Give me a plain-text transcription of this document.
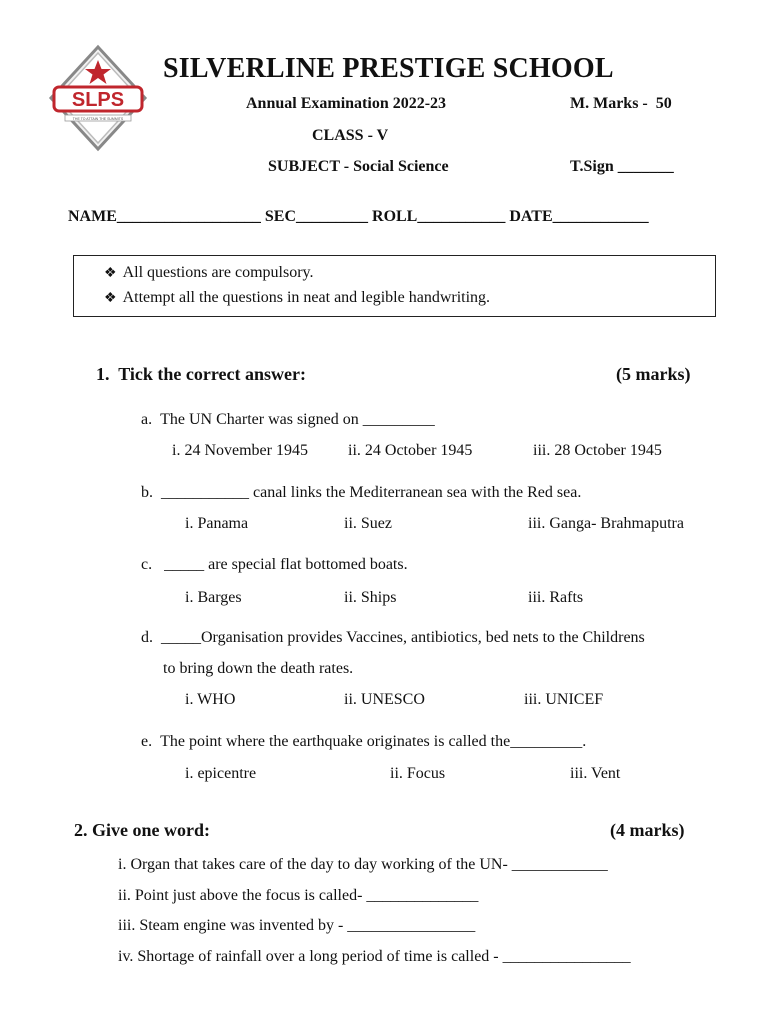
SLPS
THE TO ATTAIN THE SUMMITS
SILVERLINE PRESTIGE SCHOOL
Annual Examination 2022-23	M. Marks - 50
CLASS - V
SUBJECT - Social Science	T.Sign _______
NAME__________________ SEC_________ ROLL___________ DATE____________
❖ All questions are compulsory.
❖ Attempt all the questions in neat and legible handwriting.
1. Tick the correct answer:	(5 marks)
a. The UN Charter was signed on _________
i. 24 November 1945	ii. 24 October 1945	iii. 28 October 1945
b. ___________ canal links the Mediterranean sea with the Red sea.
i. Panama	ii. Suez	iii. Ganga- Brahmaputra
c. _____ are special flat bottomed boats.
i. Barges	ii. Ships	iii. Rafts
d. _____Organisation provides Vaccines, antibiotics, bed nets to the Childrens
to bring down the death rates.
i. WHO	ii. UNESCO	iii. UNICEF
e. The point where the earthquake originates is called the_________.
i. epicentre	ii. Focus	iii. Vent
2. Give one word:	(4 marks)
i. Organ that takes care of the day to day working of the UN- ____________
ii. Point just above the focus is called- ______________
iii. Steam engine was invented by - ________________
iv. Shortage of rainfall over a long period of time is called - ________________
